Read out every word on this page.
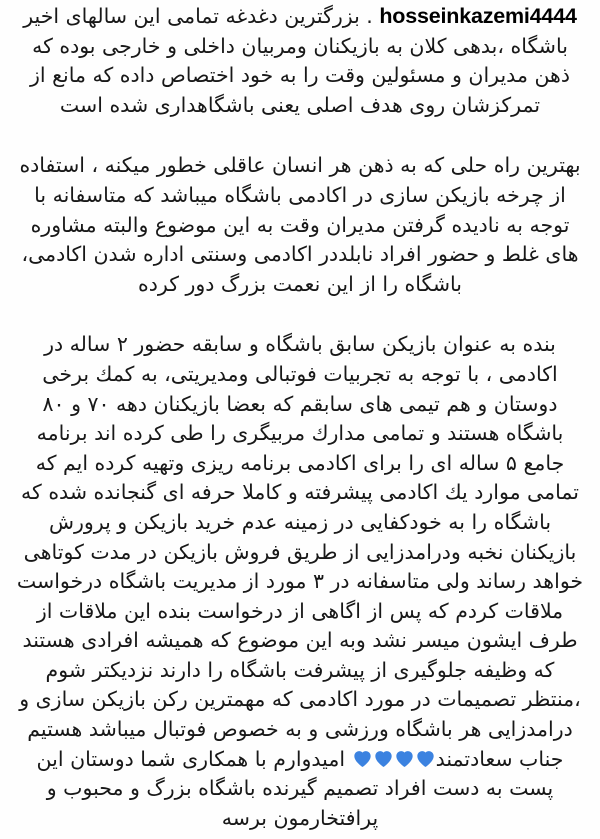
hosseinkazemi4444 . بزرگترین دغدغه تمامی این سالهای اخیر باشگاه ،بدهی کلان به بازیکنان ومربیان داخلی و خارجی بوده که ذهن مدیران و مسئولین وقت را به خود اختصاص داده که مانع از تمرکزشان روی هدف اصلی یعنی باشگاهداری شده است
بهترین راه حلی که به ذهن هر انسان عاقلی خطور میکنه ، استفاده از چرخه بازیکن سازی در اکادمی باشگاه میباشد که متاسفانه با توجه به نادیده گرفتن مدیران وقت به این موضوع والبته مشاوره های غلط و حضور افراد نابلددر اکادمی وسنتی اداره شدن اکادمی، باشگاه را از این نعمت بزرگ دور کرده
بنده به عنوان بازیکن سابق باشگاه و سابقه حضور ۲ ساله در اکادمی ، با توجه به تجربیات فوتبالی ومدیریتی، به کمك برخی دوستان و هم تیمی های سابقم که بعضا بازیکنان دهه ۷۰ و ۸۰ باشگاه هستند و تمامی مدارك مربیگری را طی کرده اند برنامه جامع ۵ ساله ای را برای اکادمی برنامه ریزی وتهیه کرده ایم که تمامی موارد یك اکادمی پیشرفته و کاملا حرفه ای گنجانده شده که باشگاه را به خودکفایی در زمینه عدم خرید بازیکن و پرورش بازیکنان نخبه ودرامدزایی از طریق فروش بازیکن در مدت کوتاهی خواهد رساند ولی متاسفانه در ۳ مورد از مدیریت باشگاه درخواست ملاقات کردم که پس از اگاهی از درخواست بنده این ملاقات از طرف ایشون میسر نشد وبه این موضوع که همیشه افرادی هستند که وظیفه جلوگیری از پیشرفت باشگاه را دارند نزدیکتر شوم ،منتظر تصمیمات در مورد اکادمی که مهمترین رکن بازیکن سازی و درامدزایی هر باشگاه ورزشی و به خصوص فوتبال میباشد هستیم جناب سعادتمند
امیدوارم با همکاری شما دوستان این پست به دست افراد تصمیم گیرنده باشگاه بزرگ و محبوب و پرافتخارمون برسه
